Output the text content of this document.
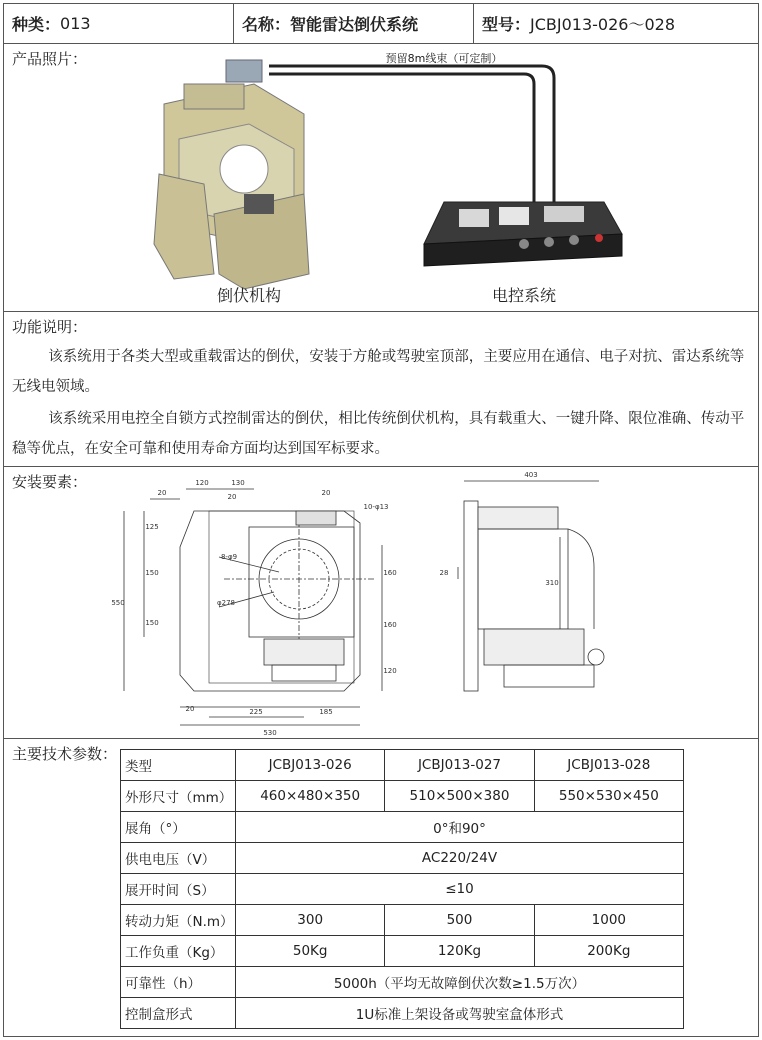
种类： 013	名称： 智能雷达倒伏系统	型号： JCBJ013-026～028
产品照片：
倒伏机构
预留8m线束（可定制）
电控系统
功能说明：

该系统用于各类大型或重载雷达的倒伏，安装于方舱或驾驶室顶部，主要应用在通信、电子对抗、雷达系统等无线电领域。

该系统采用电控全自锁方式控制雷达的倒伏，相比传统倒伏机构，具有载重大、一键升降、限位准确、传动平稳等优点，在安全可靠和使用寿命方面均达到国军标要求。

安装要素：	120	130
20	20	20
10-φ13
8-φ9
φ278
125
150
150
550
160
160
120
20	225	185
530
403
28
310
主要技术参数：
类型	JCBJ013-026	JCBJ013-027	JCBJ013-028
外形尺寸（mm）	460×480×350	510×500×380	550×530×450
展角（°）	0°和90°		
供电电压（V）	AC220/24V		
展开时间（S）	≤10		
转动力矩（N.m）	300	500	1000
工作负重（Kg）	50Kg	120Kg	200Kg
可靠性（h）	5000h（平均无故障倒伏次数≥1.5万次）		
控制盒形式	1U标准上架设备或驾驶室盒体形式		
